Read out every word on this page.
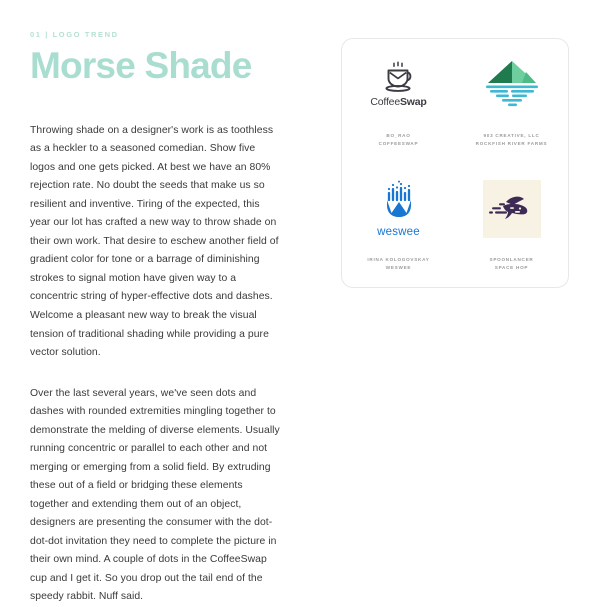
01 | LOGO TREND
Morse Shade

Throwing shade on a designer's work is as toothless as a heckler to a seasoned comedian. Show five logos and one gets picked. At best we have an 80% rejection rate. No doubt the seeds that make us so resilient and inventive. Tiring of the expected, this year our lot has crafted a new way to throw shade on their own work. That desire to eschew another field of gradient color for tone or a barrage of diminishing strokes to signal motion have given way to a concentric string of hyper-effective dots and dashes. Welcome a pleasant new way to break the visual tension of traditional shading while providing a pure vector solution.

Over the last several years, we've seen dots and dashes with rounded extremities mingling together to demonstrate the melding of diverse elements. Usually running concentric or parallel to each other and not merging or emerging from a solid field. By extruding these out of a field or bridging these elements together and extending them out of an object, designers are presenting the consumer with the dot-dot-dot invitation they need to complete the picture in their own mind. A couple of dots in the CoffeeSwap cup and I get it. So you drop out the tail end of the speedy rabbit. Nuff said.

CoffeeSwap
BO_RAO
COFFEESWAP
903 CREATIVE, LLC
ROCKFISH RIVER FARMS
weswee
IRINA KOLOGOVSKAY
WESWEE
SPOONLANCER
SPACE HOP
